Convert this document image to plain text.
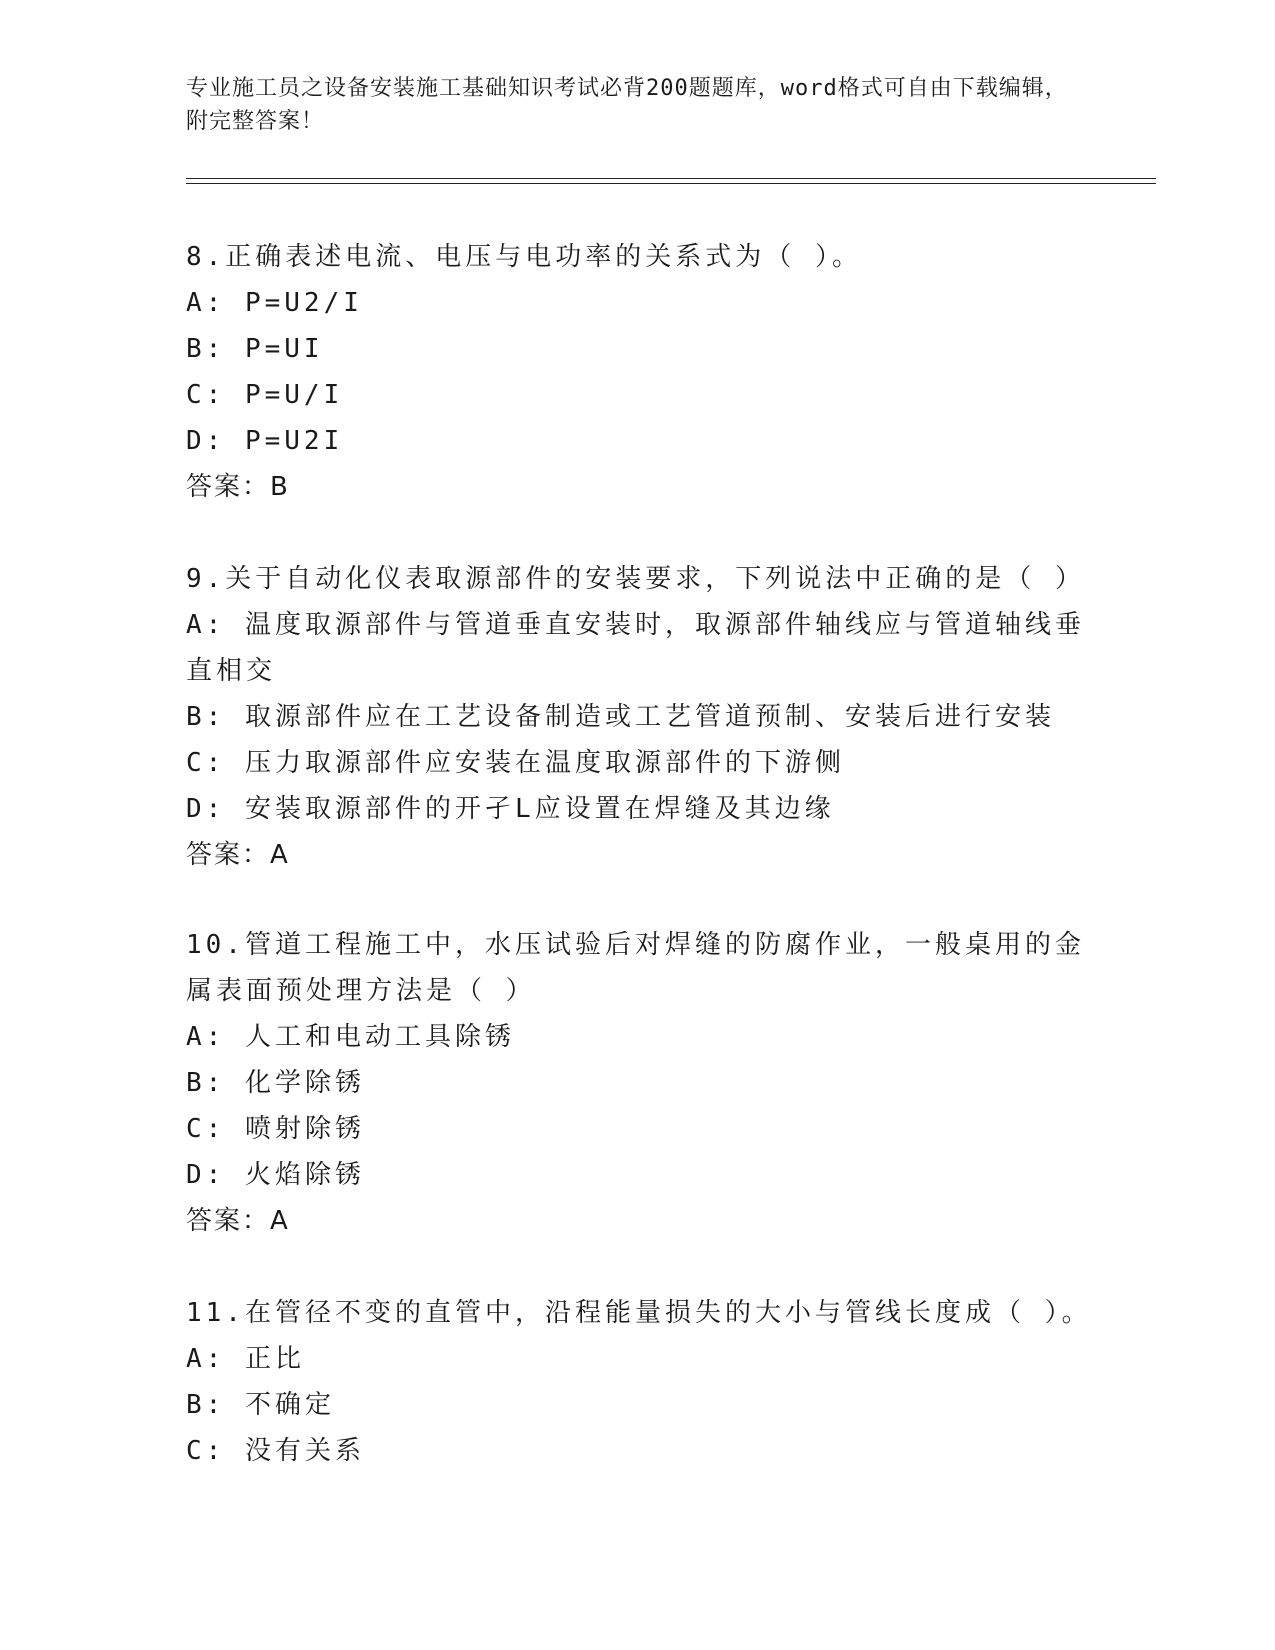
专业施工员之设备安装施工基础知识考试必背200题题库，word格式可自由下载编辑，附完整答案！
8.正确表述电流、电压与电功率的关系式为（ ）。
A: P=U2/I
B: P=UI
C: P=U/I
D: P=U2I
答案：B
9.关于自动化仪表取源部件的安装要求，下列说法中正确的是（ ）
A: 温度取源部件与管道垂直安装时，取源部件轴线应与管道轴线垂直相交
B: 取源部件应在工艺设备制造或工艺管道预制、安装后进行安装
C: 压力取源部件应安装在温度取源部件的下游侧
D: 安装取源部件的开孑L应设置在焊缝及其边缘
答案：A
10.管道工程施工中，水压试验后对焊缝的防腐作业，一般桌用的金属表面预处理方法是（ ）
A: 人工和电动工具除锈
B: 化学除锈
C: 喷射除锈
D: 火焰除锈
答案：A
11.在管径不变的直管中，沿程能量损失的大小与管线长度成（ ）。
A: 正比
B: 不确定
C: 没有关系
